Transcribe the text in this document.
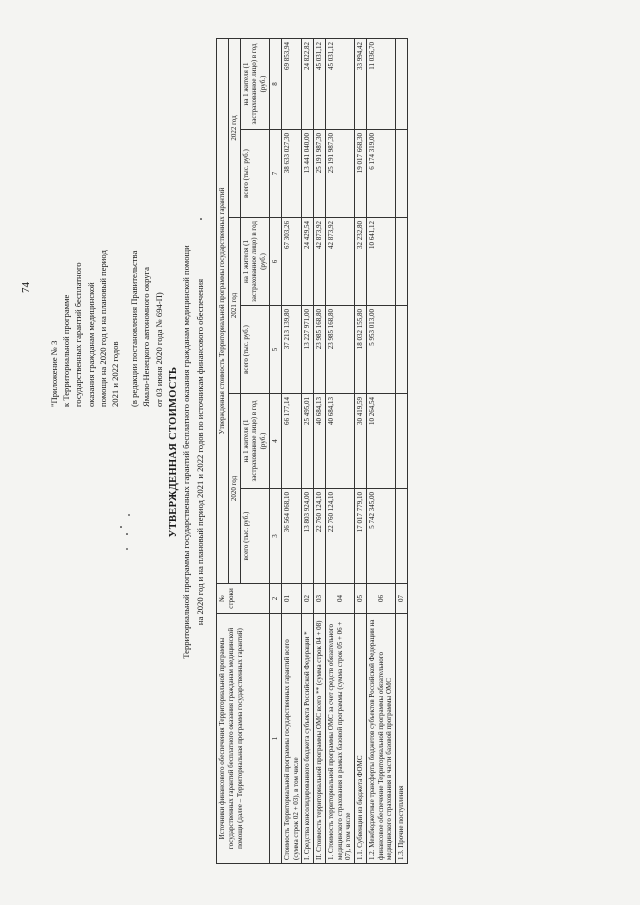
74

"Приложение № 3 к Территориальной программе государственных гарантий бесплатного оказания гражданам медицинской помощи на 2020 год и на плановый период 2021 и 2022 годов (в редакции постановления Правительства Ямало-Ненецкого автономного округа от 03 июня 2020 года № 694-П)

УТВЕРЖДЕННАЯ СТОИМОСТЬ Территориальной программы государственных гарантий бесплатного оказания гражданам медицинской помощи на 2020 год и на плановый период 2021 и 2022 годов по источникам финансового обеспечения
Источники финансового обеспечения Территориальной программы государственных гарантий бесплатного оказания гражданам медицинской помощи (далее – Территориальная программа государственных гарантий)	№ строки	Утвержденная стоимость Территориальной программы государственных гарантий					
		2020 год		2021 год		2022 год	
		всего (тыс. руб.)	на 1 жителя (1 застрахованное лицо) в год (руб.)	всего (тыс. руб.)	на 1 жителя (1 застрахованное лицо) в год (руб.)	всего (тыс. руб.)	на 1 жителя (1 застрахованное лицо) в год (руб.)
1	2	3	4	5	6	7	8
Стоимость Территориальной программы государственных гарантий всего (сумма строк 02 + 03), в том числе	01	36 564 068,10	66 177,14	37 213 139,80	67 303,26	38 633 027,30	69 853,94
I. Средства консолидированного бюджета субъекта Российской Федерации *	02	13 803 924,00	25 495,01	13 227 971,00	24 429,54	13 441 040,00	24 822,82
II. Стоимость территориальной программы ОМС всего ** (сумма строк 04 + 08)	03	22 760 124,10	40 684,13	23 985 168,80	42 873,92	25 191 987,30	45 031,12
1. Стоимость территориальной программы ОМС за счет средств обязательного медицинского страхования в рамках базовой программы (сумма строк 05 + 06 + 07), в том числе	04	22 760 124,10	40 684,13	23 985 168,80	42 873,92	25 191 987,30	45 031,12
1.1. Субвенции из бюджета ФОМС	05	17 017 779,10	30 419,59	18 032 155,80	32 232,80	19 017 668,30	33 994,42
1.2. Межбюджетные трансферты бюджетов субъектов Российской Федерации на финансовое обеспечение Территориальной программы обязательного медицинского страхования в части базовой программы ОМС	06	5 742 345,00	10 264,54	5 953 013,00	10 641,12	6 174 319,00	11 036,70
1.3. Прочие поступления	07						
